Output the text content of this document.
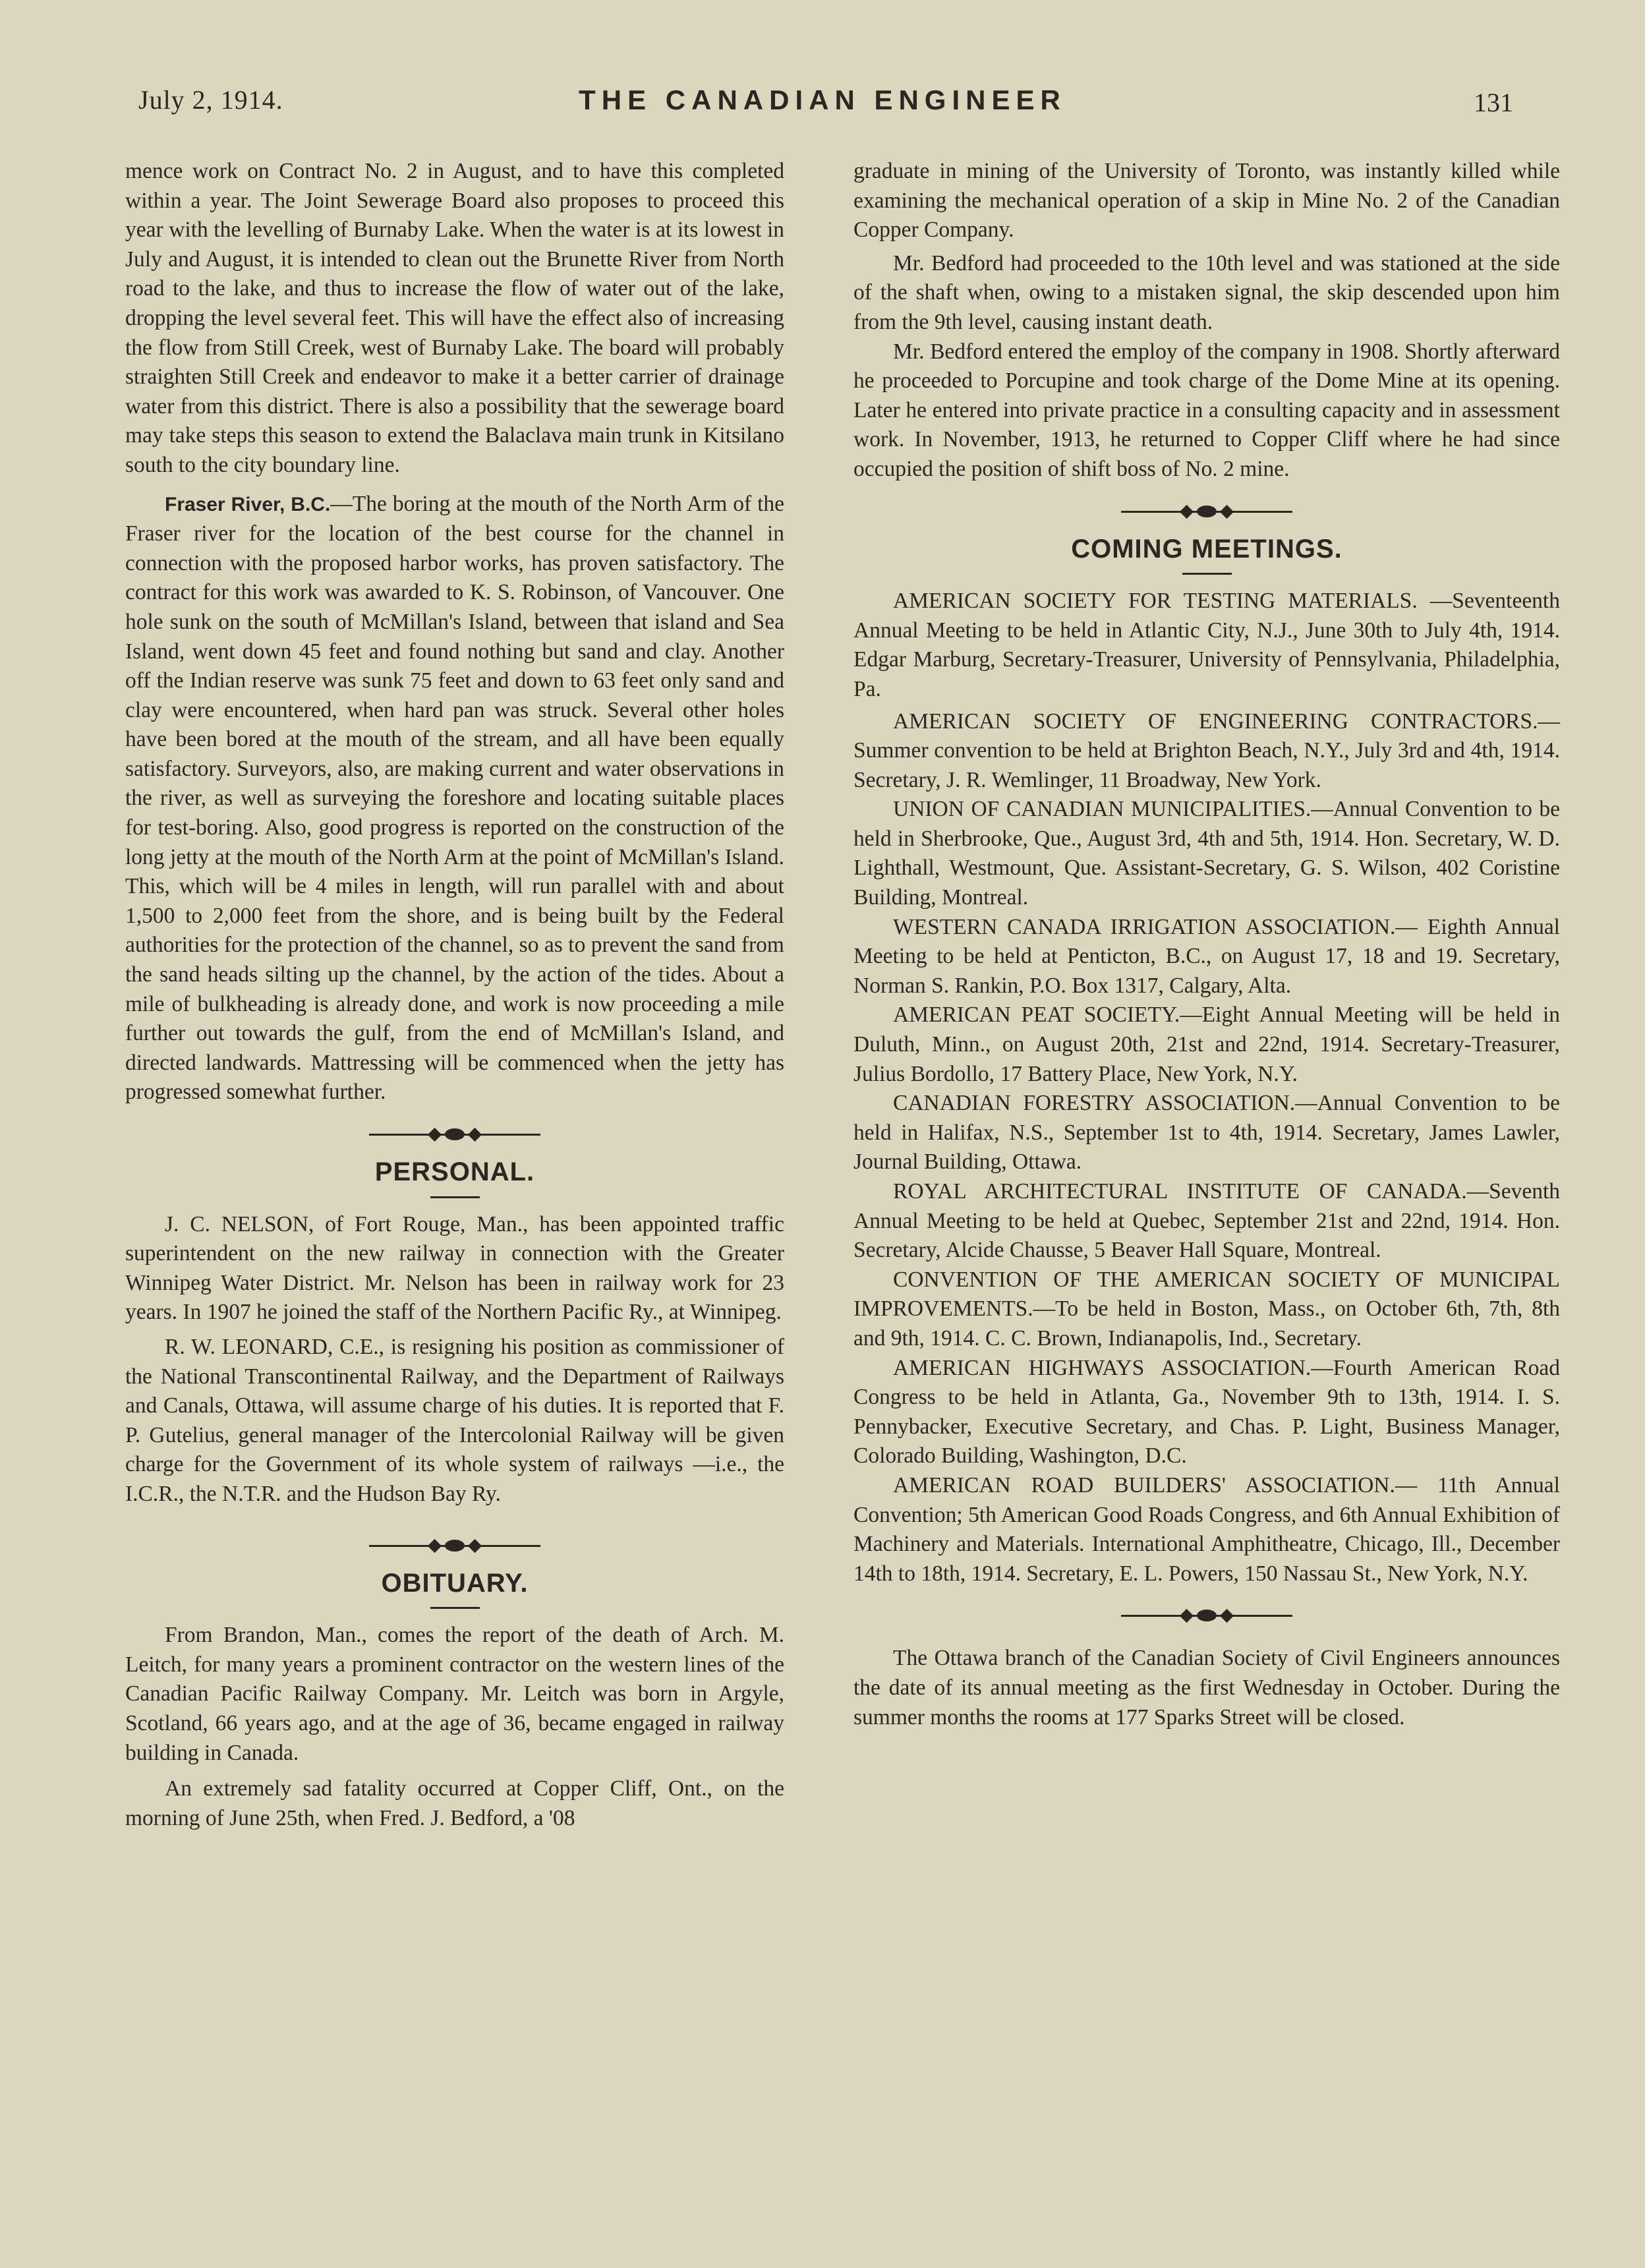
July 2, 1914.	THE CANADIAN ENGINEER	131

mence work on Contract No. 2 in August, and to have this completed within a year. The Joint Sewerage Board also proposes to proceed this year with the levelling of Burnaby Lake. When the water is at its lowest in July and August, it is intended to clean out the Brunette River from North road to the lake, and thus to increase the flow of water out of the lake, dropping the level several feet. This will have the effect also of increasing the flow from Still Creek, west of Burnaby Lake. The board will probably straighten Still Creek and endeavor to make it a better carrier of drainage water from this district. There is also a possibility that the sewerage board may take steps this season to extend the Balaclava main trunk in Kitsilano south to the city boundary line.

Fraser River, B.C.—The boring at the mouth of the North Arm of the Fraser river for the location of the best course for the channel in connection with the proposed harbor works, has proven satisfactory. The contract for this work was awarded to K. S. Robinson, of Vancouver. One hole sunk on the south of McMillan's Island, between that island and Sea Island, went down 45 feet and found nothing but sand and clay. Another off the Indian reserve was sunk 75 feet and down to 63 feet only sand and clay were encountered, when hard pan was struck. Several other holes have been bored at the mouth of the stream, and all have been equally satisfactory. Surveyors, also, are making current and water observations in the river, as well as surveying the foreshore and locating suitable places for test-boring. Also, good progress is reported on the construction of the long jetty at the mouth of the North Arm at the point of McMillan's Island. This, which will be 4 miles in length, will run parallel with and about 1,500 to 2,000 feet from the shore, and is being built by the Federal authorities for the protection of the channel, so as to prevent the sand from the sand heads silting up the channel, by the action of the tides. About a mile of bulkheading is already done, and work is now proceeding a mile further out towards the gulf, from the end of McMillan's Island, and directed landwards. Mattressing will be commenced when the jetty has progressed somewhat further.

PERSONAL.

J. C. NELSON, of Fort Rouge, Man., has been appointed traffic superintendent on the new railway in connection with the Greater Winnipeg Water District. Mr. Nelson has been in railway work for 23 years. In 1907 he joined the staff of the Northern Pacific Ry., at Winnipeg.

R. W. LEONARD, C.E., is resigning his position as commissioner of the National Transcontinental Railway, and the Department of Railways and Canals, Ottawa, will assume charge of his duties. It is reported that F. P. Gutelius, general manager of the Intercolonial Railway will be given charge for the Government of its whole system of railways —i.e., the I.C.R., the N.T.R. and the Hudson Bay Ry.

OBITUARY.

From Brandon, Man., comes the report of the death of Arch. M. Leitch, for many years a prominent contractor on the western lines of the Canadian Pacific Railway Company. Mr. Leitch was born in Argyle, Scotland, 66 years ago, and at the age of 36, became engaged in railway building in Canada.

An extremely sad fatality occurred at Copper Cliff, Ont., on the morning of June 25th, when Fred. J. Bedford, a '08

graduate in mining of the University of Toronto, was instantly killed while examining the mechanical operation of a skip in Mine No. 2 of the Canadian Copper Company.

Mr. Bedford had proceeded to the 10th level and was stationed at the side of the shaft when, owing to a mistaken signal, the skip descended upon him from the 9th level, causing instant death.

Mr. Bedford entered the employ of the company in 1908. Shortly afterward he proceeded to Porcupine and took charge of the Dome Mine at its opening. Later he entered into private practice in a consulting capacity and in assessment work. In November, 1913, he returned to Copper Cliff where he had since occupied the position of shift boss of No. 2 mine.

COMING MEETINGS.

AMERICAN SOCIETY FOR TESTING MATERIALS. —Seventeenth Annual Meeting to be held in Atlantic City, N.J., June 30th to July 4th, 1914. Edgar Marburg, Secretary-Treasurer, University of Pennsylvania, Philadelphia, Pa.

AMERICAN SOCIETY OF ENGINEERING CONTRACTORS.—Summer convention to be held at Brighton Beach, N.Y., July 3rd and 4th, 1914. Secretary, J. R. Wemlinger, 11 Broadway, New York.

UNION OF CANADIAN MUNICIPALITIES.—Annual Convention to be held in Sherbrooke, Que., August 3rd, 4th and 5th, 1914. Hon. Secretary, W. D. Lighthall, Westmount, Que. Assistant-Secretary, G. S. Wilson, 402 Coristine Building, Montreal.

WESTERN CANADA IRRIGATION ASSOCIATION.— Eighth Annual Meeting to be held at Penticton, B.C., on August 17, 18 and 19. Secretary, Norman S. Rankin, P.O. Box 1317, Calgary, Alta.

AMERICAN PEAT SOCIETY.—Eight Annual Meeting will be held in Duluth, Minn., on August 20th, 21st and 22nd, 1914. Secretary-Treasurer, Julius Bordollo, 17 Battery Place, New York, N.Y.

CANADIAN FORESTRY ASSOCIATION.—Annual Convention to be held in Halifax, N.S., September 1st to 4th, 1914. Secretary, James Lawler, Journal Building, Ottawa.

ROYAL ARCHITECTURAL INSTITUTE OF CANADA.—Seventh Annual Meeting to be held at Quebec, September 21st and 22nd, 1914. Hon. Secretary, Alcide Chausse, 5 Beaver Hall Square, Montreal.

CONVENTION OF THE AMERICAN SOCIETY OF MUNICIPAL IMPROVEMENTS.—To be held in Boston, Mass., on October 6th, 7th, 8th and 9th, 1914. C. C. Brown, Indianapolis, Ind., Secretary.

AMERICAN HIGHWAYS ASSOCIATION.—Fourth American Road Congress to be held in Atlanta, Ga., November 9th to 13th, 1914. I. S. Pennybacker, Executive Secretary, and Chas. P. Light, Business Manager, Colorado Building, Washington, D.C.

AMERICAN ROAD BUILDERS' ASSOCIATION.— 11th Annual Convention; 5th American Good Roads Congress, and 6th Annual Exhibition of Machinery and Materials. International Amphitheatre, Chicago, Ill., December 14th to 18th, 1914. Secretary, E. L. Powers, 150 Nassau St., New York, N.Y.

The Ottawa branch of the Canadian Society of Civil Engineers announces the date of its annual meeting as the first Wednesday in October. During the summer months the rooms at 177 Sparks Street will be closed.
